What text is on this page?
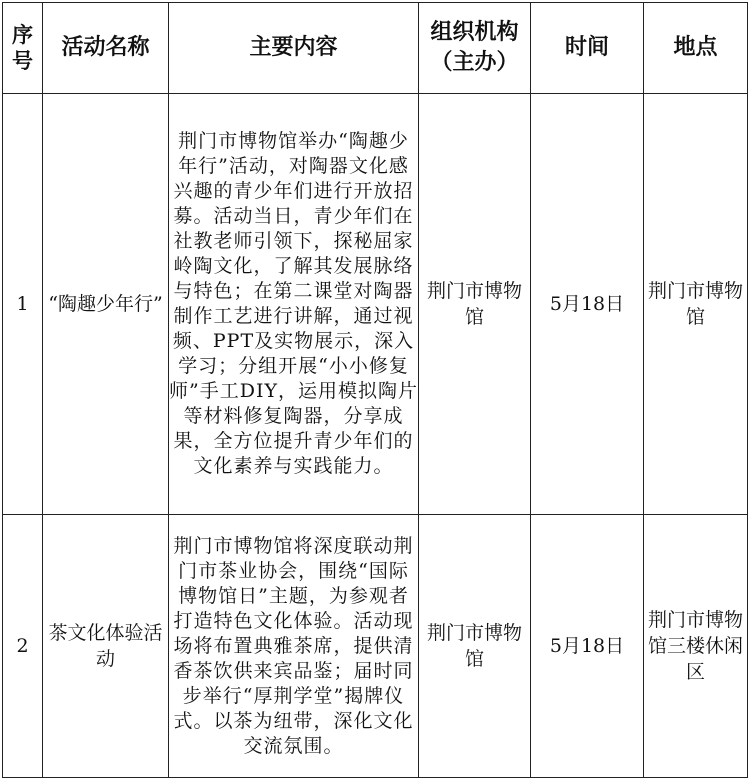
序号	活动名称	主要内容	组织机构（主办）	时间	地点
1	“陶趣少年行”	荆门市博物馆举办“陶趣少年行”活动，对陶器文化感兴趣的青少年们进行开放招募。活动当日，青少年们在社教老师引领下，探秘屈家岭陶文化，了解其发展脉络与特色；在第二课堂对陶器制作工艺进行讲解，通过视频、PPT及实物展示，深入学习；分组开展“小小修复师”手工DIY，运用模拟陶片等材料修复陶器，分享成果，全方位提升青少年们的文化素养与实践能力。	荆门市博物馆	5月18日	荆门市博物馆
2	茶文化体验活动	荆门市博物馆将深度联动荆门市茶业协会，围绕“国际博物馆日”主题，为参观者打造特色文化体验。活动现场将布置典雅茶席，提供清香茶饮供来宾品鉴；届时同步举行“厚荆学堂”揭牌仪式。以茶为纽带，深化文化交流氛围。	荆门市博物馆	5月18日	荆门市博物馆三楼休闲区
